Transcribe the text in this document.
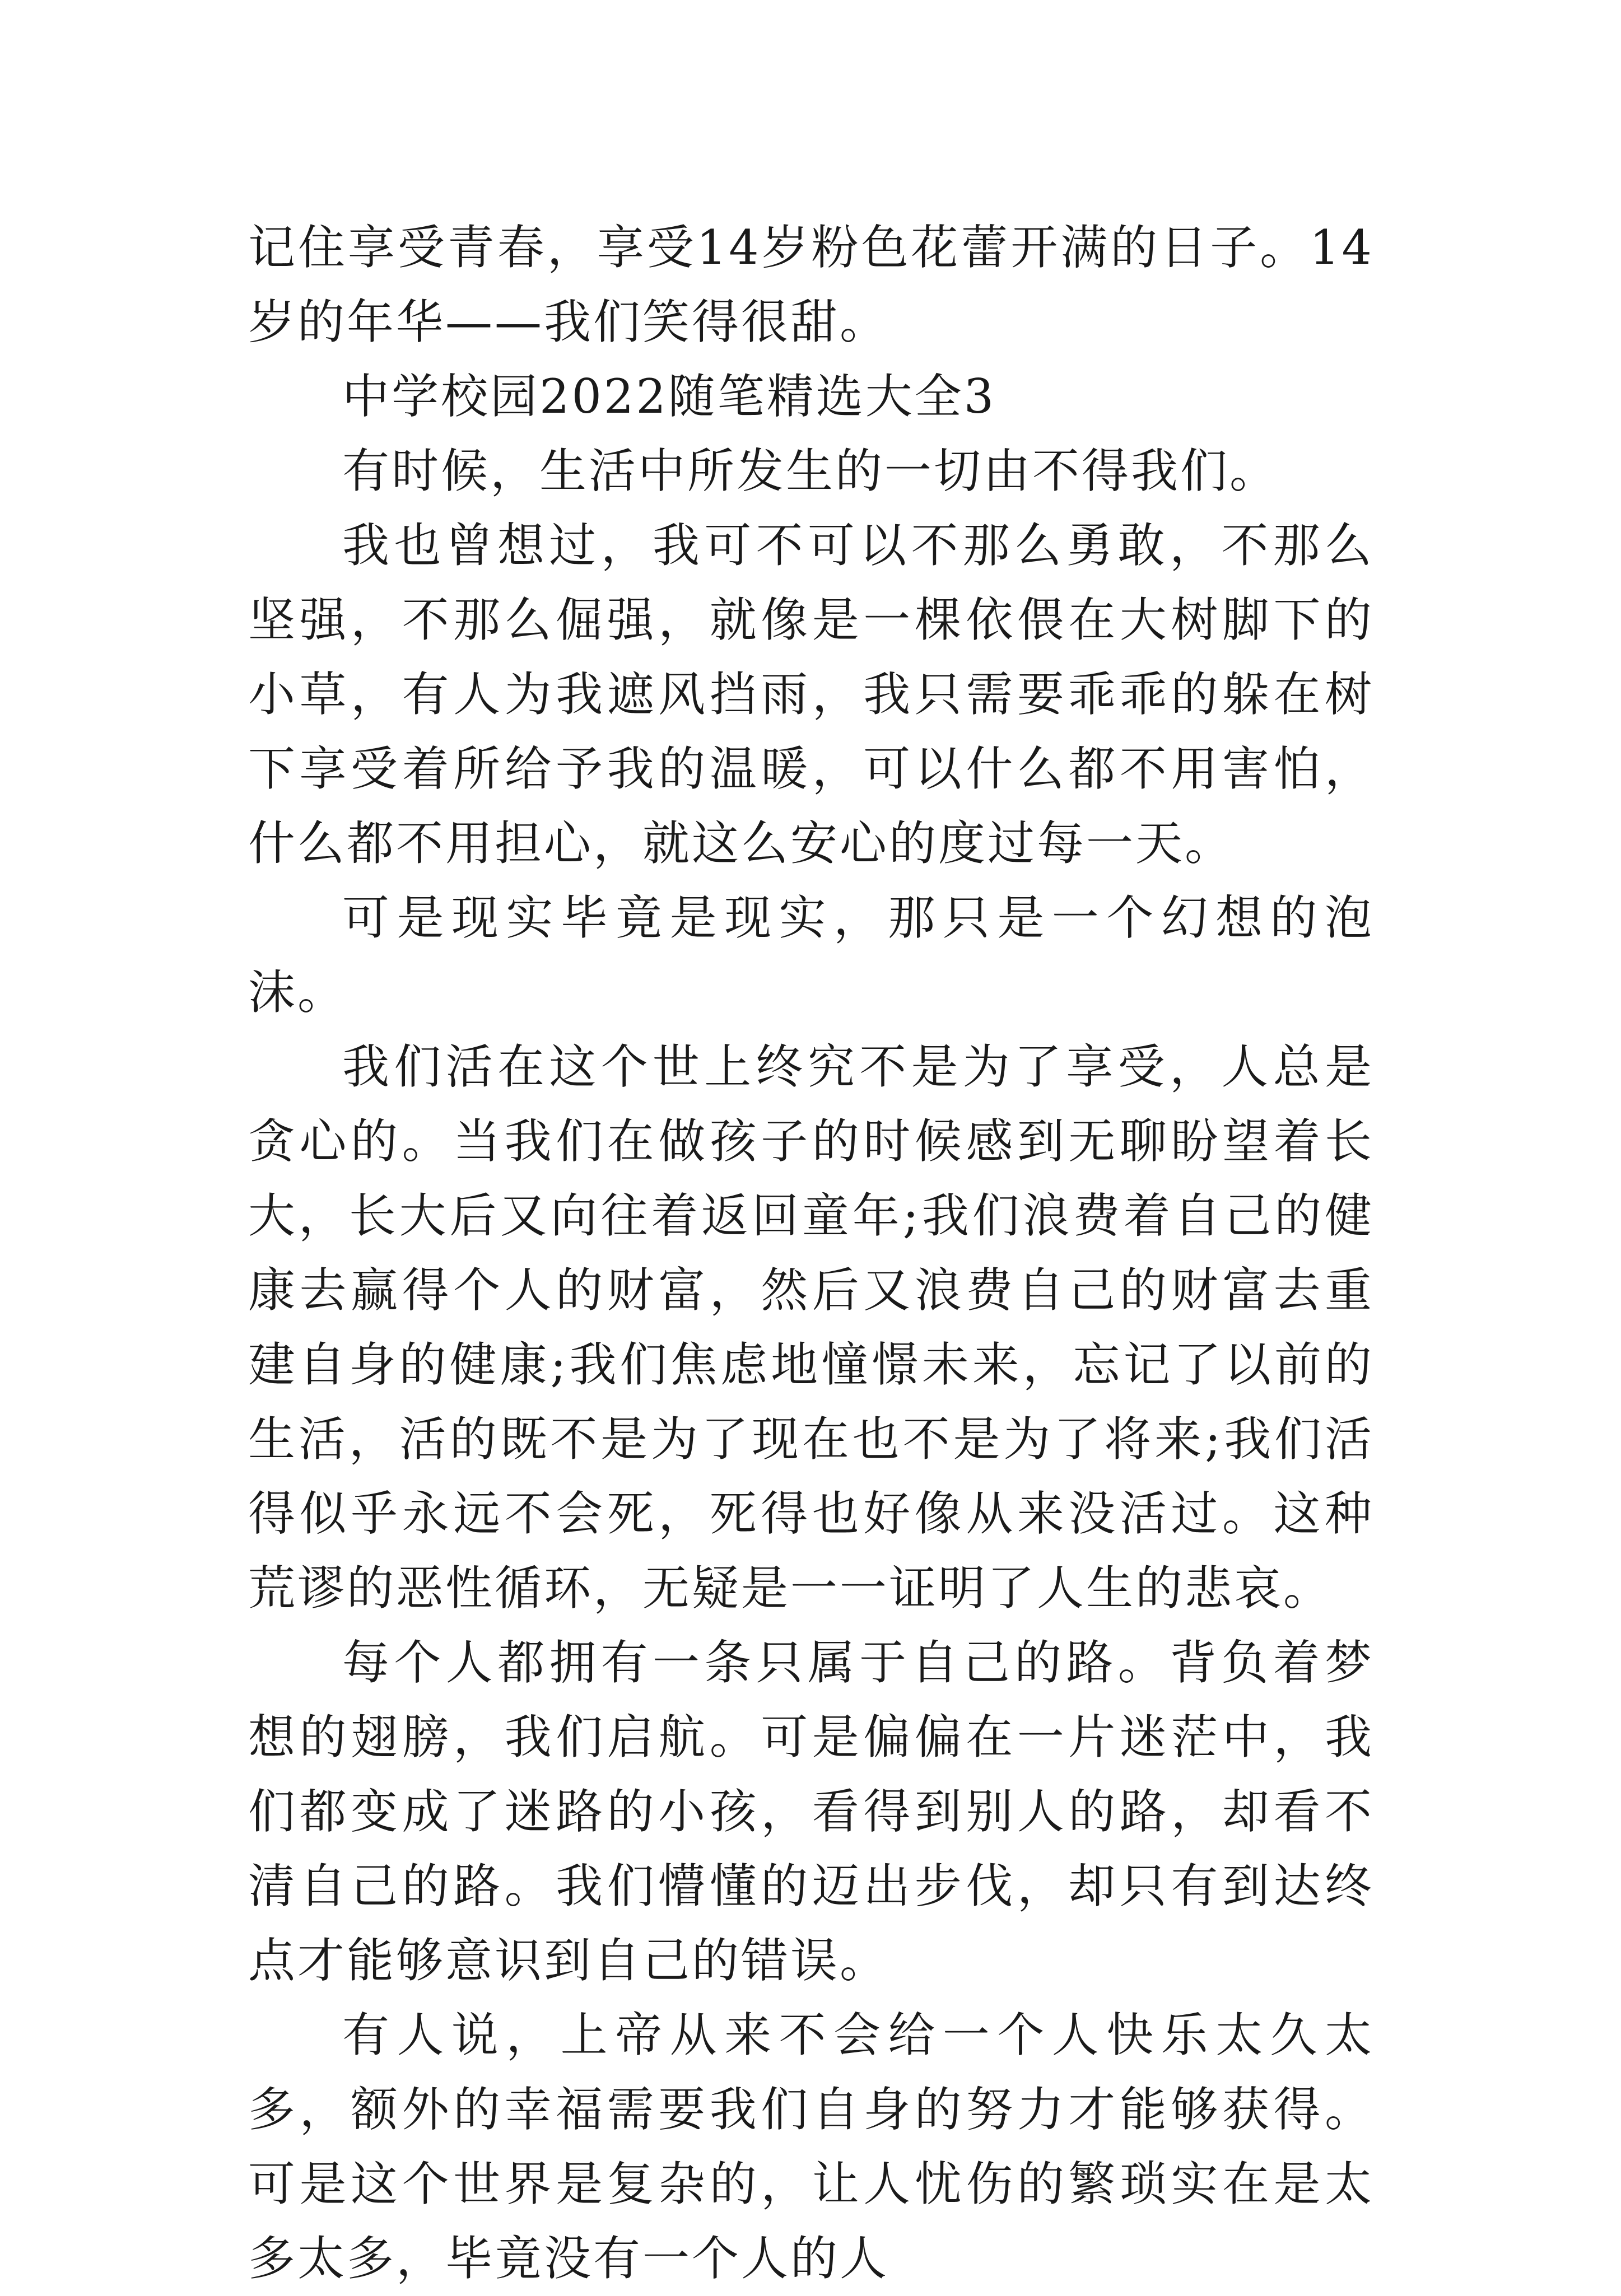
记住享受青春，享受14岁粉色花蕾开满的日子。14岁的年华——我们笑得很甜。

中学校园2022随笔精选大全3

有时候，生活中所发生的一切由不得我们。

我也曾想过，我可不可以不那么勇敢，不那么坚强，不那么倔强，就像是一棵依偎在大树脚下的小草，有人为我遮风挡雨，我只需要乖乖的躲在树下享受着所给予我的温暖，可以什么都不用害怕，什么都不用担心，就这么安心的度过每一天。

可是现实毕竟是现实，那只是一个幻想的泡沫。

我们活在这个世上终究不是为了享受，人总是贪心的。当我们在做孩子的时候感到无聊盼望着长大，长大后又向往着返回童年;我们浪费着自己的健康去赢得个人的财富，然后又浪费自己的财富去重建自身的健康;我们焦虑地憧憬未来，忘记了以前的生活，活的既不是为了现在也不是为了将来;我们活得似乎永远不会死，死得也好像从来没活过。这种荒谬的恶性循环，无疑是一一证明了人生的悲哀。

每个人都拥有一条只属于自己的路。背负着梦想的翅膀，我们启航。可是偏偏在一片迷茫中，我们都变成了迷路的小孩，看得到别人的路，却看不清自己的路。我们懵懂的迈出步伐，却只有到达终点才能够意识到自己的错误。

有人说，上帝从来不会给一个人快乐太久太多，额外的幸福需要我们自身的努力才能够获得。可是这个世界是复杂的，让人忧伤的繁琐实在是太多太多，毕竟没有一个人的人
